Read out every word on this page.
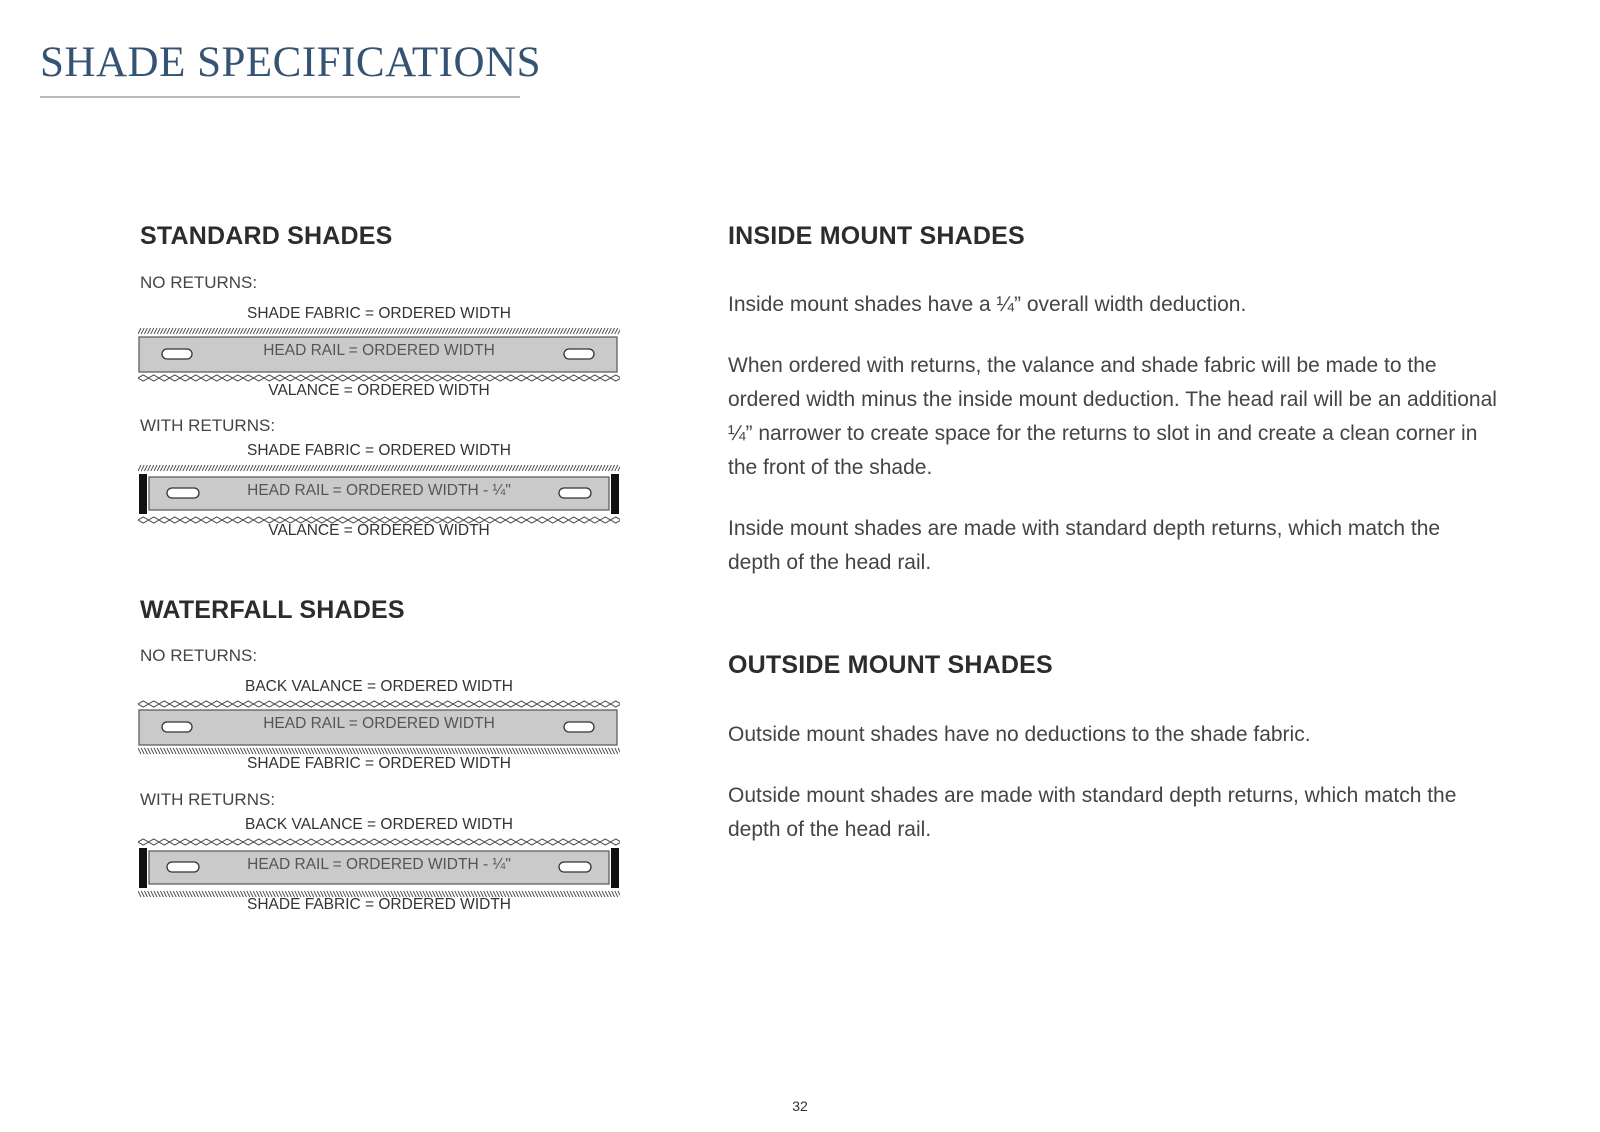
SHADE SPECIFICATIONS
STANDARD SHADES
NO RETURNS:
SHADE FABRIC = ORDERED WIDTH
HEAD RAIL = ORDERED WIDTH
VALANCE = ORDERED WIDTH
WITH RETURNS:
SHADE FABRIC = ORDERED WIDTH
HEAD RAIL = ORDERED WIDTH - ¼"
VALANCE = ORDERED WIDTH
WATERFALL SHADES
NO RETURNS:
BACK VALANCE = ORDERED WIDTH
HEAD RAIL = ORDERED WIDTH
SHADE FABRIC = ORDERED WIDTH
WITH RETURNS:
BACK VALANCE = ORDERED WIDTH
HEAD RAIL = ORDERED WIDTH - ¼"
SHADE FABRIC = ORDERED WIDTH
INSIDE MOUNT SHADES
Inside mount shades have a ¼” overall width deduction.
When ordered with returns, the valance and shade fabric will be made to the ordered width minus the inside mount deduction. The head rail will be an additional ¼” narrower to create space for the returns to slot in and create a clean corner in the front of the shade.
Inside mount shades are made with standard depth returns, which match the depth of the head rail.
OUTSIDE MOUNT SHADES
Outside mount shades have no deductions to the shade fabric.
Outside mount shades are made with standard depth returns, which match the depth of the head rail.
32
